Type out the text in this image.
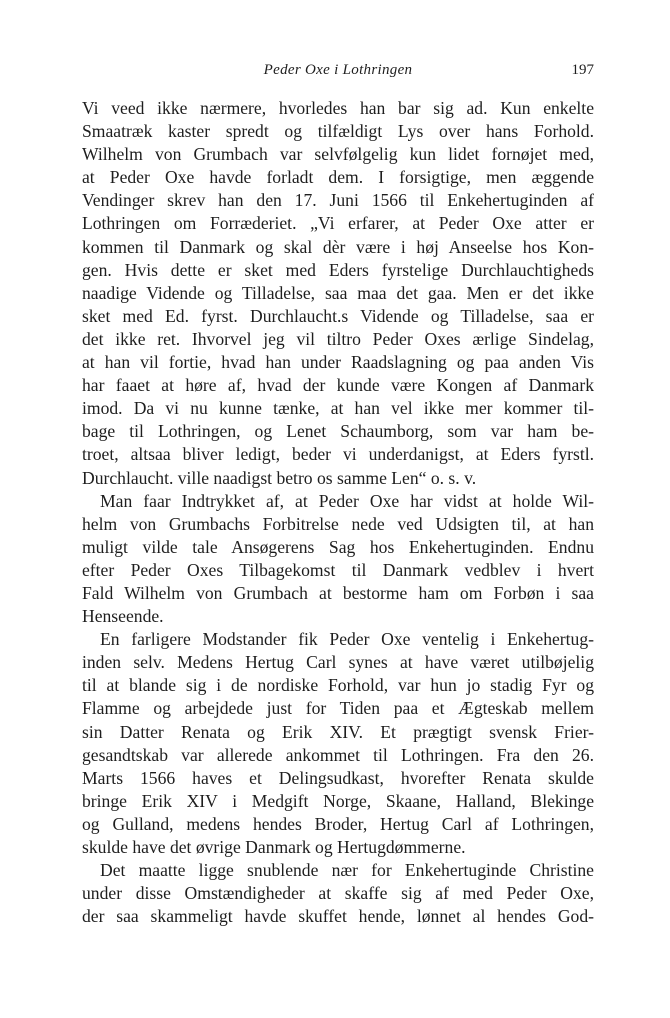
Peder Oxe i Lothringen	197
Vi veed ikke nærmere, hvorledes han bar sig ad. Kun enkelte
Smaatræk kaster spredt og tilfældigt Lys over hans Forhold.
Wilhelm von Grumbach var selvfølgelig kun lidet fornøjet med,
at Peder Oxe havde forladt dem. I forsigtige, men æggende
Vendinger skrev han den 17. Juni 1566 til Enkehertuginden af
Lothringen om Forræderiet. „Vi erfarer, at Peder Oxe atter er
kommen til Danmark og skal dèr være i høj Anseelse hos Kon-
gen. Hvis dette er sket med Eders fyrstelige Durchlauchtigheds
naadige Vidende og Tilladelse, saa maa det gaa. Men er det ikke
sket med Ed. fyrst. Durchlaucht.s Vidende og Tilladelse, saa er
det ikke ret. Ihvorvel jeg vil tiltro Peder Oxes ærlige Sindelag,
at han vil fortie, hvad han under Raadslagning og paa anden Vis
har faaet at høre af, hvad der kunde være Kongen af Danmark
imod. Da vi nu kunne tænke, at han vel ikke mer kommer til-
bage til Lothringen, og Lenet Schaumborg, som var ham be-
troet, altsaa bliver ledigt, beder vi underdanigst, at Eders fyrstl.
Durchlaucht. ville naadigst betro os samme Len“ o. s. v.
Man faar Indtrykket af, at Peder Oxe har vidst at holde Wil-
helm von Grumbachs Forbitrelse nede ved Udsigten til, at han
muligt vilde tale Ansøgerens Sag hos Enkehertuginden. Endnu
efter Peder Oxes Tilbagekomst til Danmark vedblev i hvert
Fald Wilhelm von Grumbach at bestorme ham om Forbøn i saa
Henseende.
En farligere Modstander fik Peder Oxe ventelig i Enkehertug-
inden selv. Medens Hertug Carl synes at have været utilbøjelig
til at blande sig i de nordiske Forhold, var hun jo stadig Fyr og
Flamme og arbejdede just for Tiden paa et Ægteskab mellem
sin Datter Renata og Erik XIV. Et prægtigt svensk Frier-
gesandtskab var allerede ankommet til Lothringen. Fra den 26.
Marts 1566 haves et Delingsudkast, hvorefter Renata skulde
bringe Erik XIV i Medgift Norge, Skaane, Halland, Blekinge
og Gulland, medens hendes Broder, Hertug Carl af Lothringen,
skulde have det øvrige Danmark og Hertugdømmerne.
Det maatte ligge snublende nær for Enkehertuginde Christine
under disse Omstændigheder at skaffe sig af med Peder Oxe,
der saa skammeligt havde skuffet hende, lønnet al hendes God-
